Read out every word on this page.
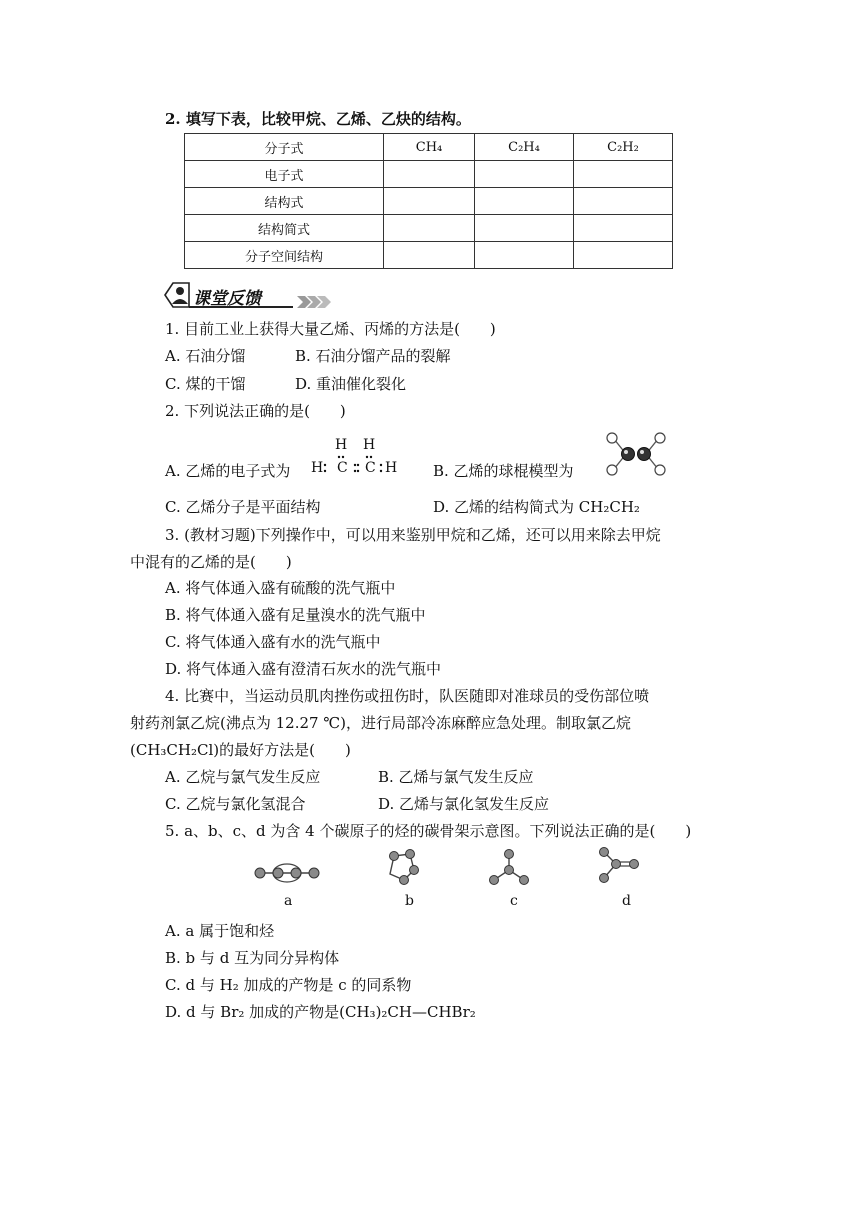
2. 填写下表，比较甲烷、乙烯、乙炔的结构。
分子式	CH₄	C₂H₄	C₂H₂
电子式			
结构式			
结构简式			
分子空间结构			
课堂反馈
1. 目前工业上获得大量乙烯、丙烯的方法是(　　)
A. 石油分馏	B. 石油分馏产品的裂解
C. 煤的干馏	D. 重油催化裂化
2. 下列说法正确的是(　　)
A. 乙烯的电子式为
H H
H C C H B. 乙烯的球棍模型为
C. 乙烯分子是平面结构	D. 乙烯的结构简式为 CH₂CH₂
3. (教材习题)下列操作中，可以用来鉴别甲烷和乙烯，还可以用来除去甲烷
中混有的乙烯的是(　　)
A. 将气体通入盛有硫酸的洗气瓶中
B. 将气体通入盛有足量溴水的洗气瓶中
C. 将气体通入盛有水的洗气瓶中
D. 将气体通入盛有澄清石灰水的洗气瓶中
4. 比赛中，当运动员肌肉挫伤或扭伤时，队医随即对准球员的受伤部位喷
射药剂氯乙烷(沸点为 12.27 ℃)，进行局部冷冻麻醉应急处理。制取氯乙烷
(CH₃CH₂Cl)的最好方法是(　　)
A. 乙烷与氯气发生反应	B. 乙烯与氯气发生反应
C. 乙烷与氯化氢混合	D. 乙烯与氯化氢发生反应
5. a、b、c、d 为含 4 个碳原子的烃的碳骨架示意图。下列说法正确的是(　　)
a	b	c	d
A. a 属于饱和烃
B. b 与 d 互为同分异构体
C. d 与 H₂ 加成的产物是 c 的同系物
D. d 与 Br₂ 加成的产物是(CH₃)₂CH—CHBr₂
